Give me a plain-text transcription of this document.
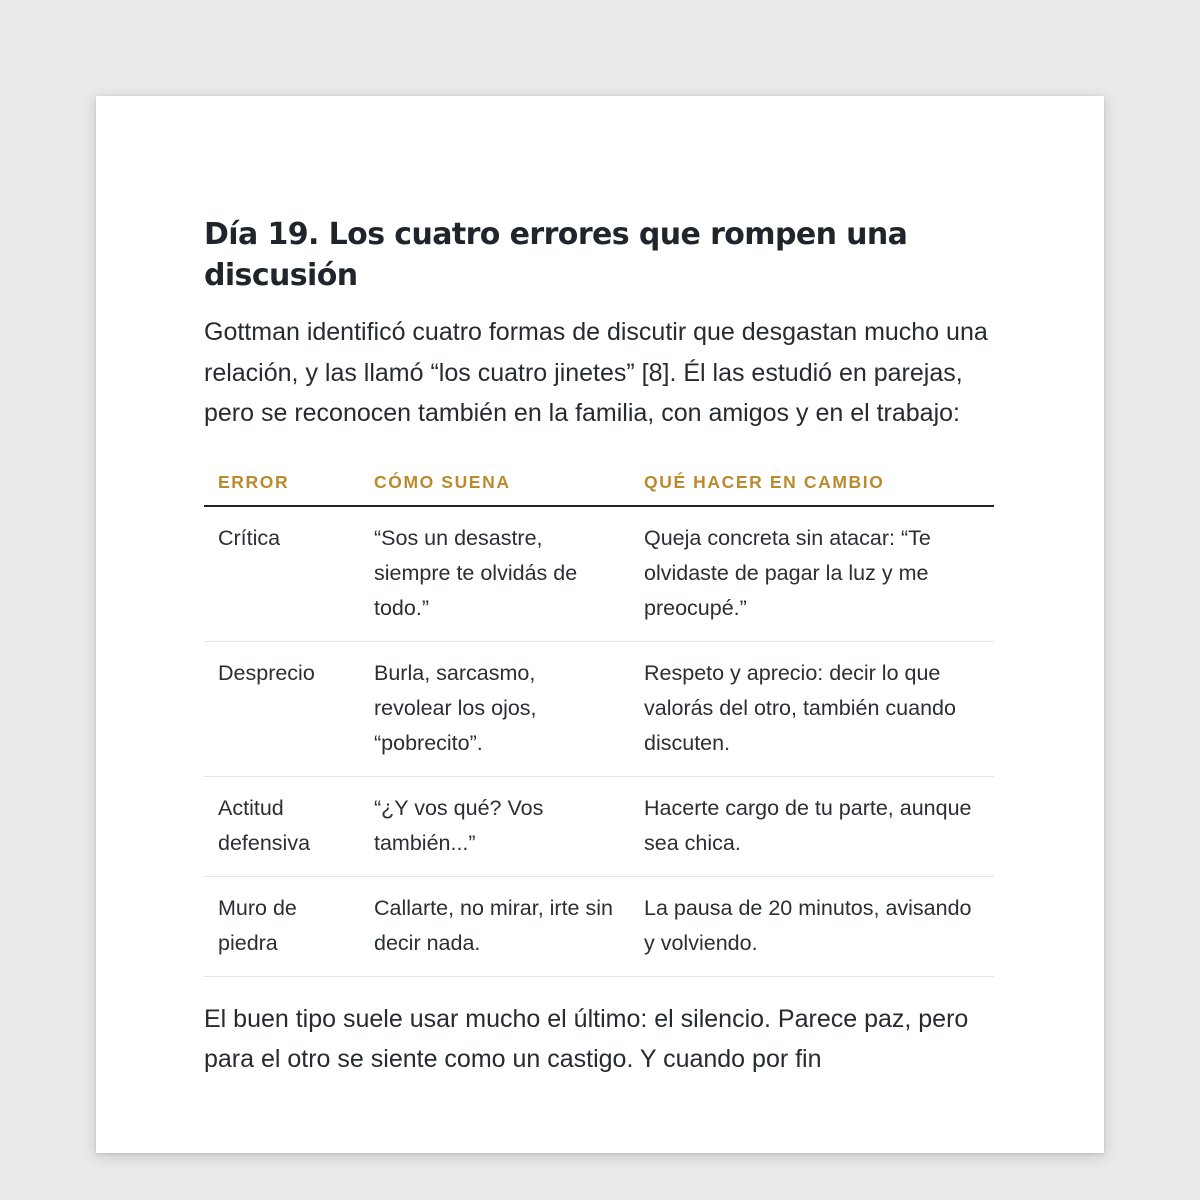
Día 19. Los cuatro errores que rompen una discusión

Gottman identificó cuatro formas de discutir que desgastan mucho una relación, y las llamó “los cuatro jinetes” [8]. Él las estudió en parejas, pero se reconocen también en la familia, con amigos y en el trabajo:

ERROR	CÓMO SUENA	QUÉ HACER EN CAMBIO
Crítica	“Sos un desastre, siempre te olvidás de todo.”	Queja concreta sin atacar: “Te olvidaste de pagar la luz y me preocupé.”
Desprecio	Burla, sarcasmo, revolear los ojos, “pobrecito”.	Respeto y aprecio: decir lo que valorás del otro, también cuando discuten.
Actitud defensiva	“¿Y vos qué? Vos también...”	Hacerte cargo de tu parte, aunque sea chica.
Muro de piedra	Callarte, no mirar, irte sin decir nada.	La pausa de 20 minutos, avisando y volviendo.

El buen tipo suele usar mucho el último: el silencio. Parece paz, pero para el otro se siente como un castigo. Y cuando por fin
